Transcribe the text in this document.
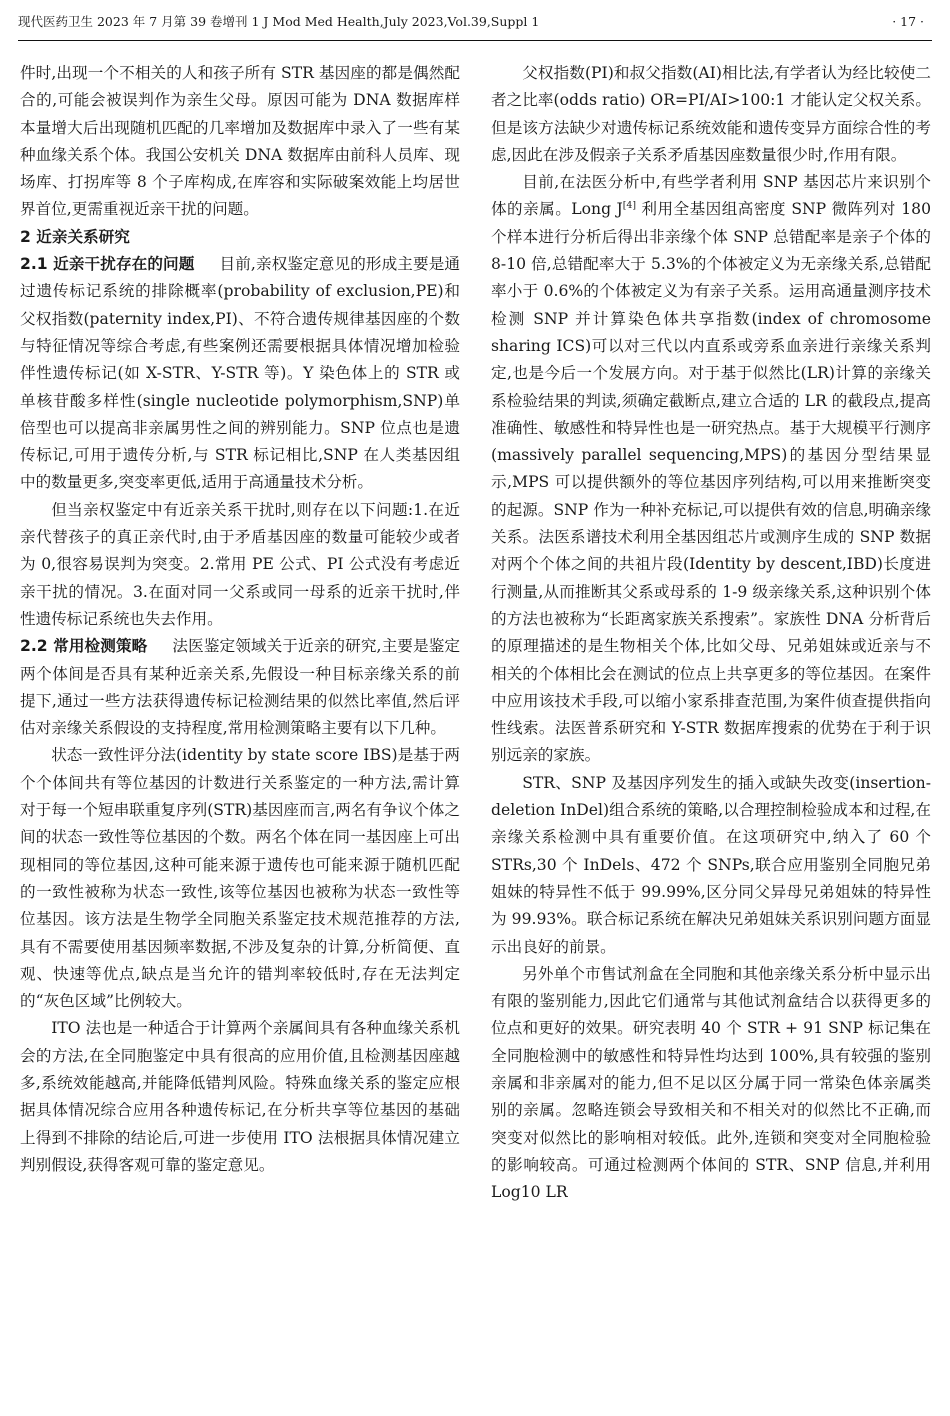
现代医药卫生 2023 年 7 月第 39 卷增刊 1 J Mod Med Health,July 2023,Vol.39,Suppl 1	· 17 ·

件时,出现一个不相关的人和孩子所有 STR 基因座的都是偶然配合的,可能会被误判作为亲生父母。原因可能为 DNA 数据库样本量增大后出现随机匹配的几率增加及数据库中录入了一些有某种血缘关系个体。我国公安机关 DNA 数据库由前科人员库、现场库、打拐库等 8 个子库构成,在库容和实际破案效能上均居世界首位,更需重视近亲干扰的问题。

2 近亲关系研究

2.1 近亲干扰存在的问题 目前,亲权鉴定意见的形成主要是通过遗传标记系统的排除概率(probability of exclusion,PE)和父权指数(paternity index,PI)、不符合遗传规律基因座的个数与特征情况等综合考虑,有些案例还需要根据具体情况增加检验伴性遗传标记(如 X-STR、Y-STR 等)。Y 染色体上的 STR 或单核苷酸多样性(single nucleotide polymorphism,SNP)单倍型也可以提高非亲属男性之间的辨别能力。SNP 位点也是遗传标记,可用于遗传分析,与 STR 标记相比,SNP 在人类基因组中的数量更多,突变率更低,适用于高通量技术分析。

但当亲权鉴定中有近亲关系干扰时,则存在以下问题:1.在近亲代替孩子的真正亲代时,由于矛盾基因座的数量可能较少或者为 0,很容易误判为突变。2.常用 PE 公式、PI 公式没有考虑近亲干扰的情况。3.在面对同一父系或同一母系的近亲干扰时,伴性遗传标记系统也失去作用。

2.2 常用检测策略 法医鉴定领域关于近亲的研究,主要是鉴定两个体间是否具有某种近亲关系,先假设一种目标亲缘关系的前提下,通过一些方法获得遗传标记检测结果的似然比率值,然后评估对亲缘关系假设的支持程度,常用检测策略主要有以下几种。

状态一致性评分法(identity by state score IBS)是基于两个个体间共有等位基因的计数进行关系鉴定的一种方法,需计算对于每一个短串联重复序列(STR)基因座而言,两名有争议个体之间的状态一致性等位基因的个数。两名个体在同一基因座上可出现相同的等位基因,这种可能来源于遗传也可能来源于随机匹配的一致性被称为状态一致性,该等位基因也被称为状态一致性等位基因。该方法是生物学全同胞关系鉴定技术规范推荐的方法,具有不需要使用基因频率数据,不涉及复杂的计算,分析简便、直观、快速等优点,缺点是当允许的错判率较低时,存在无法判定的“灰色区域”比例较大。

ITO 法也是一种适合于计算两个亲属间具有各种血缘关系机会的方法,在全同胞鉴定中具有很高的应用价值,且检测基因座越多,系统效能越高,并能降低错判风险。特殊血缘关系的鉴定应根据具体情况综合应用各种遗传标记,在分析共享等位基因的基础上得到不排除的结论后,可进一步使用 ITO 法根据具体情况建立判别假设,获得客观可靠的鉴定意见。

父权指数(PI)和叔父指数(AI)相比法,有学者认为经比较使二者之比率(odds ratio) OR=PI/AI>100:1 才能认定父权关系。但是该方法缺少对遗传标记系统效能和遗传变异方面综合性的考虑,因此在涉及假亲子关系矛盾基因座数量很少时,作用有限。

目前,在法医分析中,有些学者利用 SNP 基因芯片来识别个体的亲属。Long J[4] 利用全基因组高密度 SNP 微阵列对 180 个样本进行分析后得出非亲缘个体 SNP 总错配率是亲子个体的 8-10 倍,总错配率大于 5.3%的个体被定义为无亲缘关系,总错配率小于 0.6%的个体被定义为有亲子关系。运用高通量测序技术检测 SNP 并计算染色体共享指数(index of chromosome sharing ICS)可以对三代以内直系或旁系血亲进行亲缘关系判定,也是今后一个发展方向。对于基于似然比(LR)计算的亲缘关系检验结果的判读,须确定截断点,建立合适的 LR 的截段点,提高准确性、敏感性和特异性也是一研究热点。基于大规模平行测序(massively parallel sequencing,MPS)的基因分型结果显示,MPS 可以提供额外的等位基因序列结构,可以用来推断突变的起源。SNP 作为一种补充标记,可以提供有效的信息,明确亲缘关系。法医系谱技术利用全基因组芯片或测序生成的 SNP 数据对两个个体之间的共祖片段(Identity by descent,IBD)长度进行测量,从而推断其父系或母系的 1-9 级亲缘关系,这种识别个体的方法也被称为“长距离家族关系搜索”。家族性 DNA 分析背后的原理描述的是生物相关个体,比如父母、兄弟姐妹或近亲与不相关的个体相比会在测试的位点上共享更多的等位基因。在案件中应用该技术手段,可以缩小家系排查范围,为案件侦查提供指向性线索。法医普系研究和 Y-STR 数据库搜索的优势在于利于识别远亲的家族。

STR、SNP 及基因序列发生的插入或缺失改变(insertion-deletion InDel)组合系统的策略,以合理控制检验成本和过程,在亲缘关系检测中具有重要价值。在这项研究中,纳入了 60 个 STRs,30 个 InDels、472 个 SNPs,联合应用鉴别全同胞兄弟姐妹的特异性不低于 99.99%,区分同父异母兄弟姐妹的特异性为 99.93%。联合标记系统在解决兄弟姐妹关系识别问题方面显示出良好的前景。

另外单个市售试剂盒在全同胞和其他亲缘关系分析中显示出有限的鉴别能力,因此它们通常与其他试剂盒结合以获得更多的位点和更好的效果。研究表明 40 个 STR + 91 SNP 标记集在全同胞检测中的敏感性和特异性均达到 100%,具有较强的鉴别亲属和非亲属对的能力,但不足以区分属于同一常染色体亲属类别的亲属。忽略连锁会导致相关和不相关对的似然比不正确,而突变对似然比的影响相对较低。此外,连锁和突变对全同胞检验的影响较高。可通过检测两个体间的 STR、SNP 信息,并利用 Log10 LR
